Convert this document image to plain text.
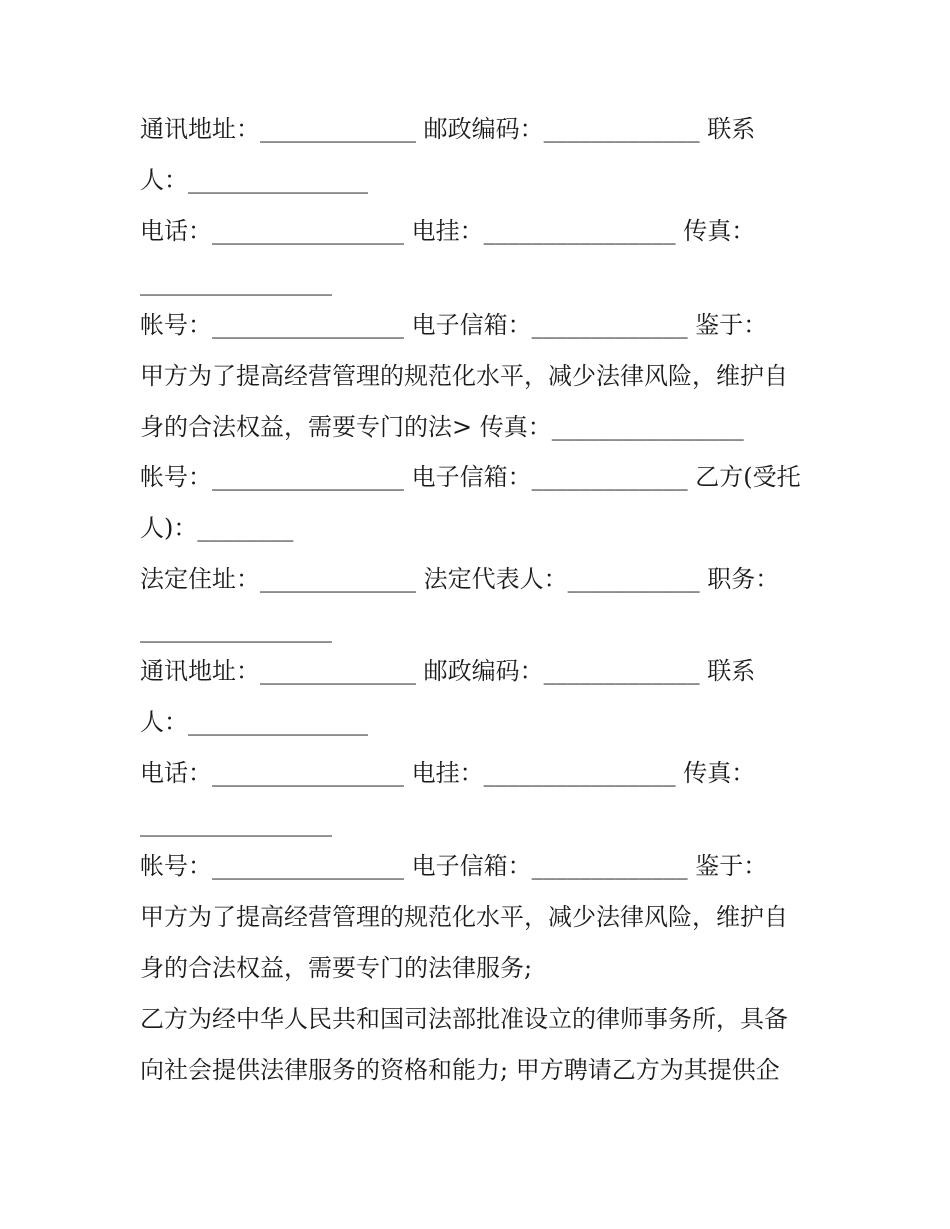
通讯地址：_____________ 邮政编码：_____________ 联系
人：_______________
电话：________________ 电挂：________________ 传真：
________________
帐号：________________ 电子信箱：_____________ 鉴于：
甲方为了提高经营管理的规范化水平，减少法律风险，维护自
身的合法权益，需要专门的法> 传真：________________
帐号：________________ 电子信箱：_____________ 乙方(受托
人)：________
法定住址：_____________ 法定代表人：___________ 职务：
________________
通讯地址：_____________ 邮政编码：_____________ 联系
人：_______________
电话：________________ 电挂：________________ 传真：
________________
帐号：________________ 电子信箱：_____________ 鉴于：
甲方为了提高经营管理的规范化水平，减少法律风险，维护自
身的合法权益，需要专门的法律服务;
乙方为经中华人民共和国司法部批准设立的律师事务所，具备
向社会提供法律服务的资格和能力; 甲方聘请乙方为其提供企
